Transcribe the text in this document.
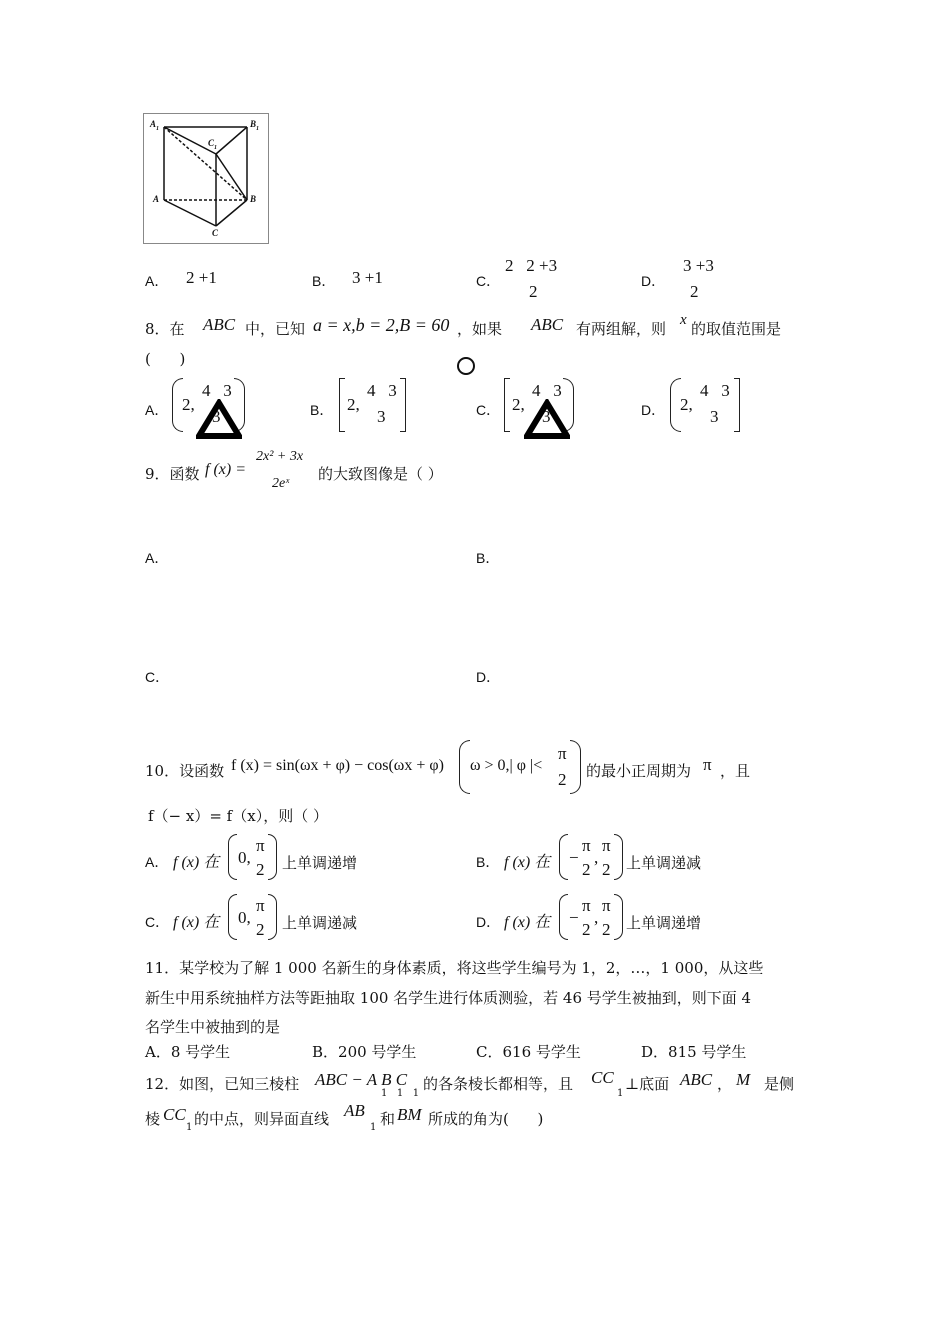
$A_1$	$B_1$
$C_1$
A	B
C
A． 2 +1	B． 3 +1	C．
2   2 +3
2
D．
3 +3
2
8．在 ABC 中，已知 a = x,b = 2,B = 60 ，如果 ABC 有两组解，则 x 的取值范围是
(      )
A． 2,
4   3
3	B． 2,
4   3
3	C． 2,
4   3
3	D． 2,
4   3
3
9．函数 f (x) =
2x² + 3x
2eˣ
的大致图像是（ ）
A．	B．
C．	D．
10．设函数 f (x) = sin(ωx + φ) − cos(ωx + φ) ω > 0,| φ |<
π
2 的最小正周期为 π ，且
f（− x）= f（x），则（ ）
A． f (x) 在 0,
π
2 上单调递增	B． f (x) 在 −
π
2
,
π
2 上单调递减
C． f (x) 在 0,
π
2 上单调递减	D． f (x) 在 −
π
2
,
π
2 上单调递增
11．某学校为了解 1 000 名新生的身体素质，将这些学生编号为 1，2，…，1 000，从这些
新生中用系统抽样方法等距抽取 100 名学生进行体质测验，若 46 号学生被抽到，则下面 4
名学生中被抽到的是
A．8 号学生	B．200 号学生	C．616 号学生	D．815 号学生
12．如图，已知三棱柱 ABC − A B C
1   1   1
的各条棱长都相等，且 CC
1
⊥底面 ABC ， M 是侧
棱 CC
1 的中点，则异面直线 AB
1 和 BM 所成的角为(      )
